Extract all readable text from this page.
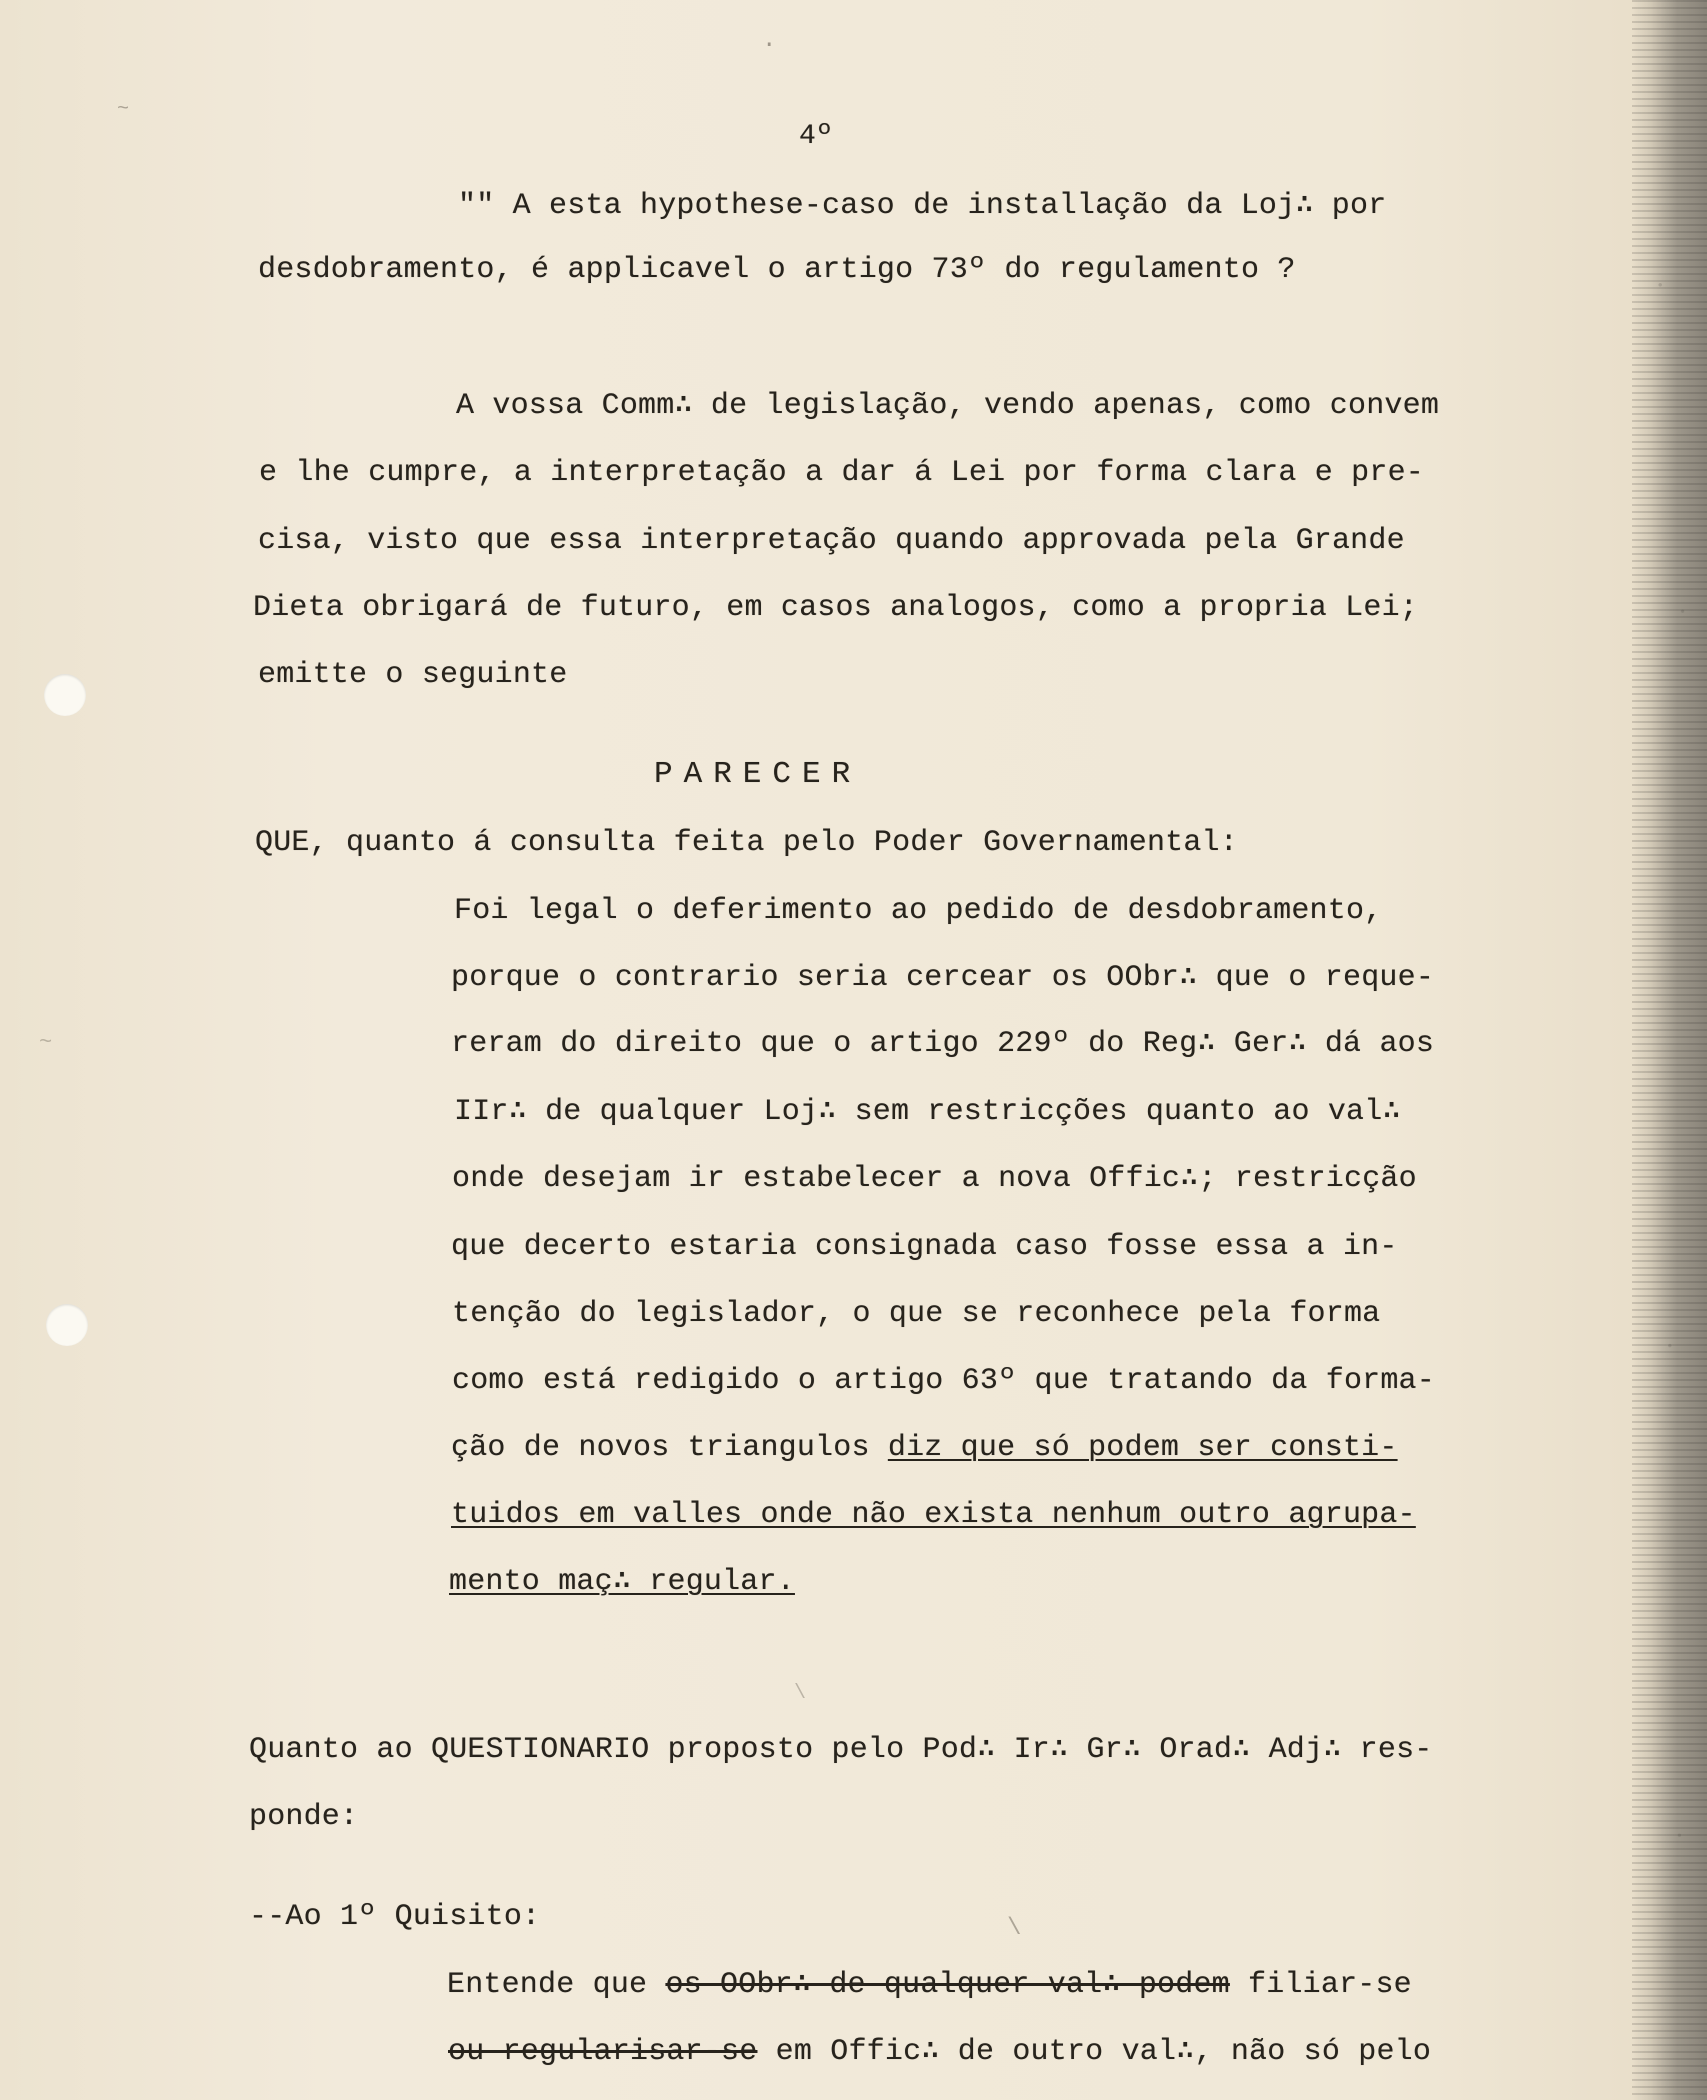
·
~
~
\
\

4º

"" A esta hypothese-caso de installação da Loj∴ por

desdobramento, é applicavel o artigo 73º do regulamento ?

A vossa Comm∴ de legislação, vendo apenas, como convem

e lhe cumpre, a interpretação a dar á Lei por forma clara e pre-

cisa, visto que essa interpretação quando approvada pela Grande

Dieta obrigará de futuro, em casos analogos, como a propria Lei;

emitte o seguinte

PARECER

QUE, quanto á consulta feita pelo Poder Governamental:

Foi legal o deferimento ao pedido de desdobramento,

porque o contrario seria cercear os OObr∴ que o reque-

reram do direito que o artigo 229º do Reg∴ Ger∴ dá aos

IIr∴ de qualquer Loj∴ sem restricções quanto ao val∴

onde desejam ir estabelecer a nova Offic∴; restricção

que decerto estaria consignada caso fosse essa a in-

tenção do legislador, o que se reconhece pela forma

como está redigido o artigo 63º que tratando da forma-

ção de novos triangulos diz que só podem ser consti-

tuidos em valles onde não exista nenhum outro agrupa-

mento maç∴ regular.

Quanto ao QUESTIONARIO proposto pelo Pod∴ Ir∴ Gr∴ Orad∴ Adj∴ res-

ponde:

--Ao 1º Quisito:

Entende que os OObr∴ de qualquer val∴ podem filiar-se

ou regularisar-se em Offic∴ de outro val∴, não só pelo
